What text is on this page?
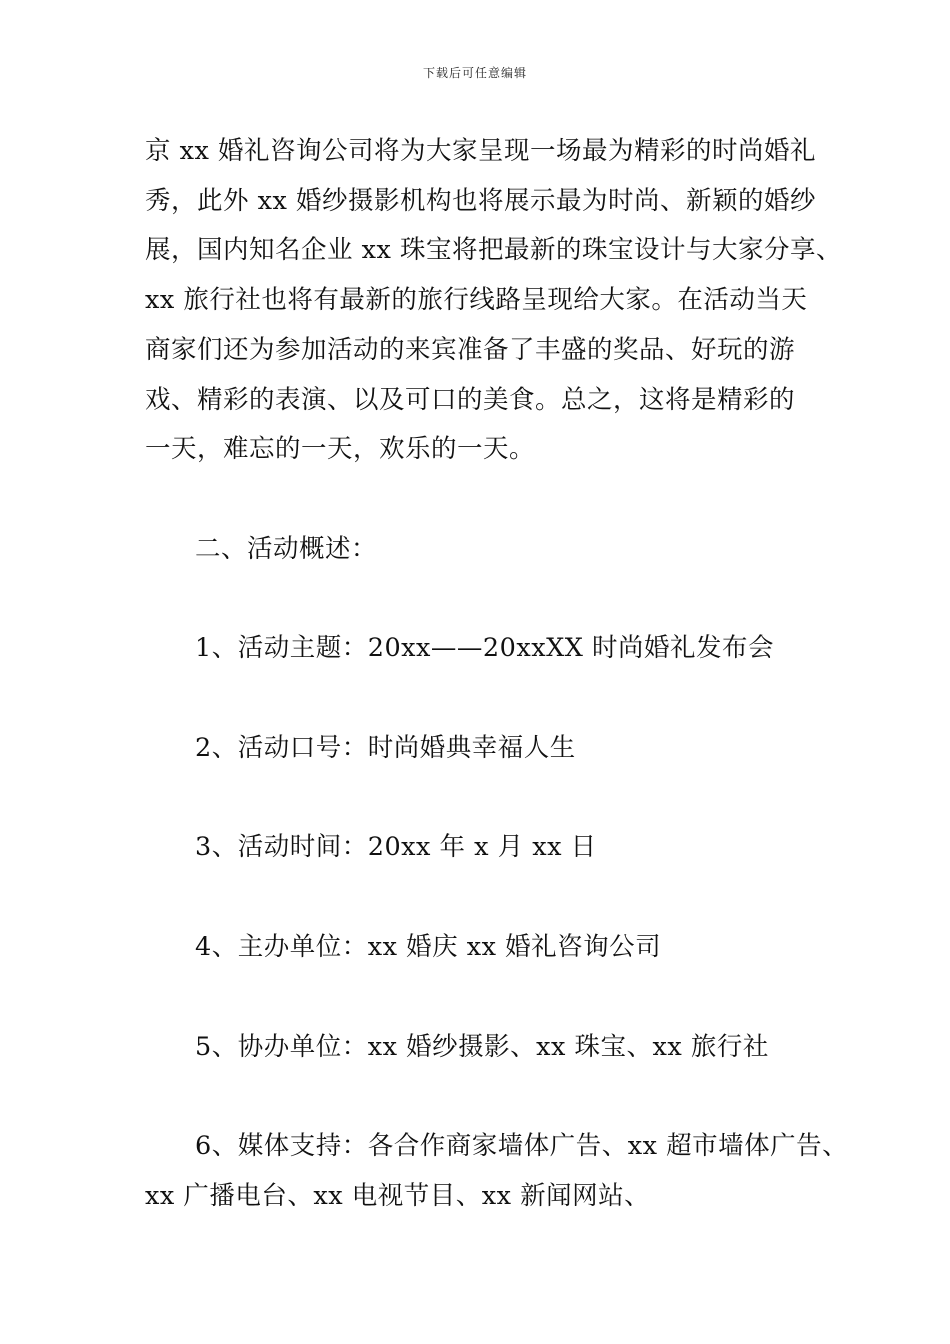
下载后可任意编辑
京 xx 婚礼咨询公司将为大家呈现一场最为精彩的时尚婚礼
秀，此外 xx 婚纱摄影机构也将展示最为时尚、新颖的婚纱
展，国内知名企业 xx 珠宝将把最新的珠宝设计与大家分享、
xx 旅行社也将有最新的旅行线路呈现给大家。在活动当天
商家们还为参加活动的来宾准备了丰盛的奖品、好玩的游
戏、精彩的表演、以及可口的美食。总之，这将是精彩的
一天，难忘的一天，欢乐的一天。
二、活动概述：
1、活动主题：20xx——20xxXX 时尚婚礼发布会
2、活动口号：时尚婚典幸福人生
3、活动时间：20xx 年 x 月 xx 日
4、主办单位：xx 婚庆 xx 婚礼咨询公司
5、协办单位：xx 婚纱摄影、xx 珠宝、xx 旅行社
6、媒体支持：各合作商家墙体广告、xx 超市墙体广告、
xx 广播电台、xx 电视节目、xx 新闻网站、
